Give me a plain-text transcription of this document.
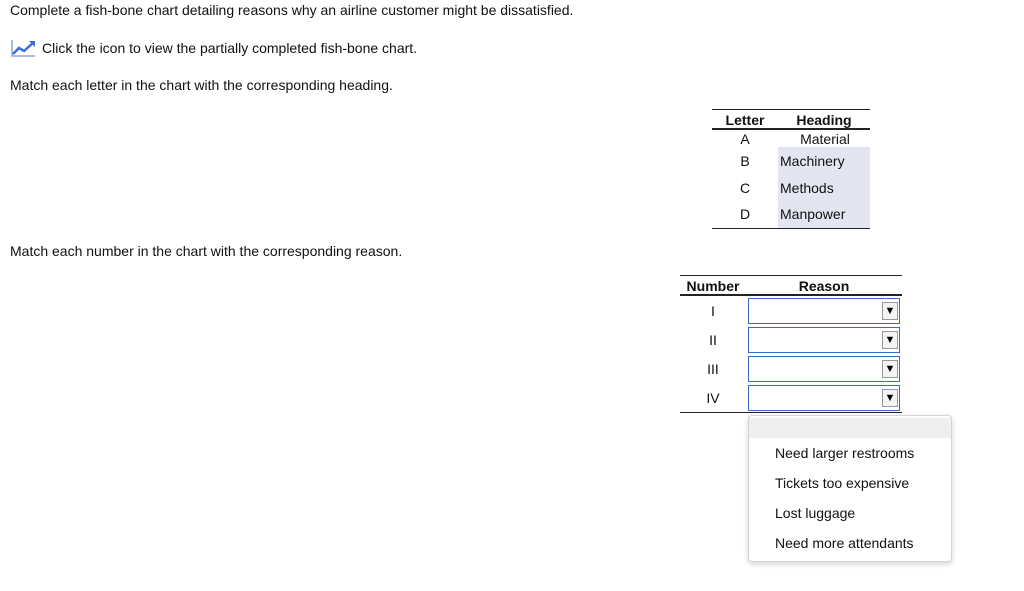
Complete a fish-bone chart detailing reasons why an airline customer might be dissatisfied.
Click the icon to view the partially completed fish-bone chart.
Match each letter in the chart with the corresponding heading.
Letter	Heading
A	Material
B	Machinery
C	Methods
D	Manpower
Match each number in the chart with the corresponding reason.
Number	Reason
I	▼

II	▼

III	▼

IV	▼
Need larger restrooms
Tickets too expensive
Lost luggage
Need more attendants
